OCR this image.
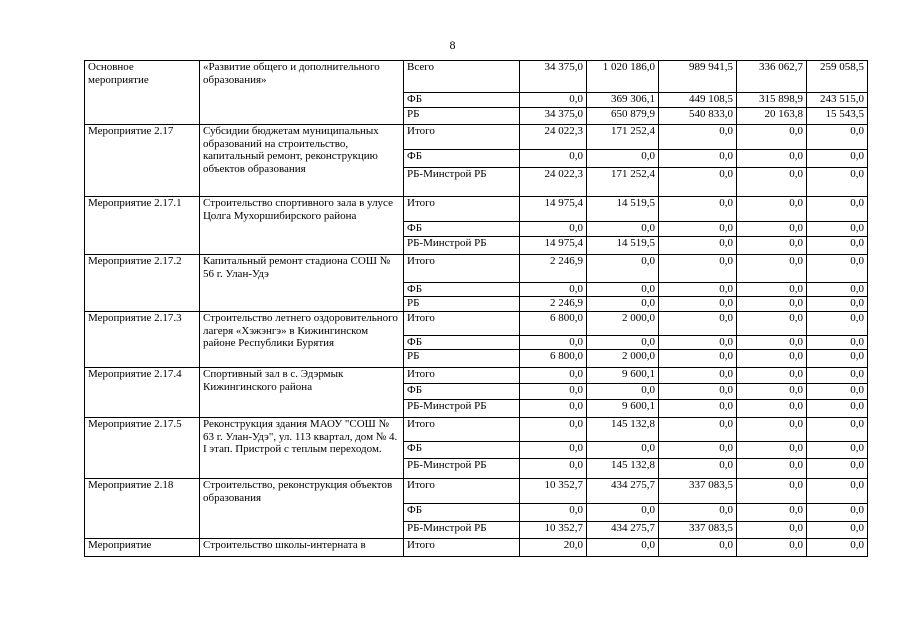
8
Основное мероприятие	«Развитие общего и дополнительного образования»	Всего	34 375,0	1 020 186,0	989 941,5	336 062,7	259 058,5
		ФБ	0,0	369 306,1	449 108,5	315 898,9	243 515,0
		РБ	34 375,0	650 879,9	540 833,0	20 163,8	15 543,5
Мероприятие 2.17	Субсидии бюджетам муниципальных образований на строительство, капитальный ремонт, реконструкцию объектов образования	Итого	24 022,3	171 252,4	0,0	0,0	0,0
		ФБ	0,0	0,0	0,0	0,0	0,0
		РБ-Минстрой РБ	24 022,3	171 252,4	0,0	0,0	0,0
Мероприятие 2.17.1	Строительство спортивного зала в улусе Цолга Мухоршибирского района	Итого	14 975,4	14 519,5	0,0	0,0	0,0
		ФБ	0,0	0,0	0,0	0,0	0,0
		РБ-Минстрой РБ	14 975,4	14 519,5	0,0	0,0	0,0
Мероприятие 2.17.2	Капитальный ремонт стадиона СОШ № 56 г. Улан-Удэ	Итого	2 246,9	0,0	0,0	0,0	0,0
		ФБ	0,0	0,0	0,0	0,0	0,0
		РБ	2 246,9	0,0	0,0	0,0	0,0
Мероприятие 2.17.3	Строительство летнего оздоровительного лагеря «Хэжэнгэ» в Кижингинском районе Республики Бурятия	Итого	6 800,0	2 000,0	0,0	0,0	0,0
		ФБ	0,0	0,0	0,0	0,0	0,0
		РБ	6 800,0	2 000,0	0,0	0,0	0,0
Мероприятие 2.17.4	Спортивный зал в с. Эдэрмык Кижингинского района	Итого	0,0	9 600,1	0,0	0,0	0,0
		ФБ	0,0	0,0	0,0	0,0	0,0
		РБ-Минстрой РБ	0,0	9 600,1	0,0	0,0	0,0
Мероприятие 2.17.5	Реконструкция здания МАОУ "СОШ № 63 г. Улан-Удэ", ул. 113 квартал, дом № 4. I этап. Пристрой с теплым переходом.	Итого	0,0	145 132,8	0,0	0,0	0,0
		ФБ	0,0	0,0	0,0	0,0	0,0
		РБ-Минстрой РБ	0,0	145 132,8	0,0	0,0	0,0
Мероприятие 2.18	Строительство, реконструкция объектов образования	Итого	10 352,7	434 275,7	337 083,5	0,0	0,0
		ФБ	0,0	0,0	0,0	0,0	0,0
		РБ-Минстрой РБ	10 352,7	434 275,7	337 083,5	0,0	0,0
Мероприятие	Строительство школы-интерната в	Итого	20,0	0,0	0,0	0,0	0,0
